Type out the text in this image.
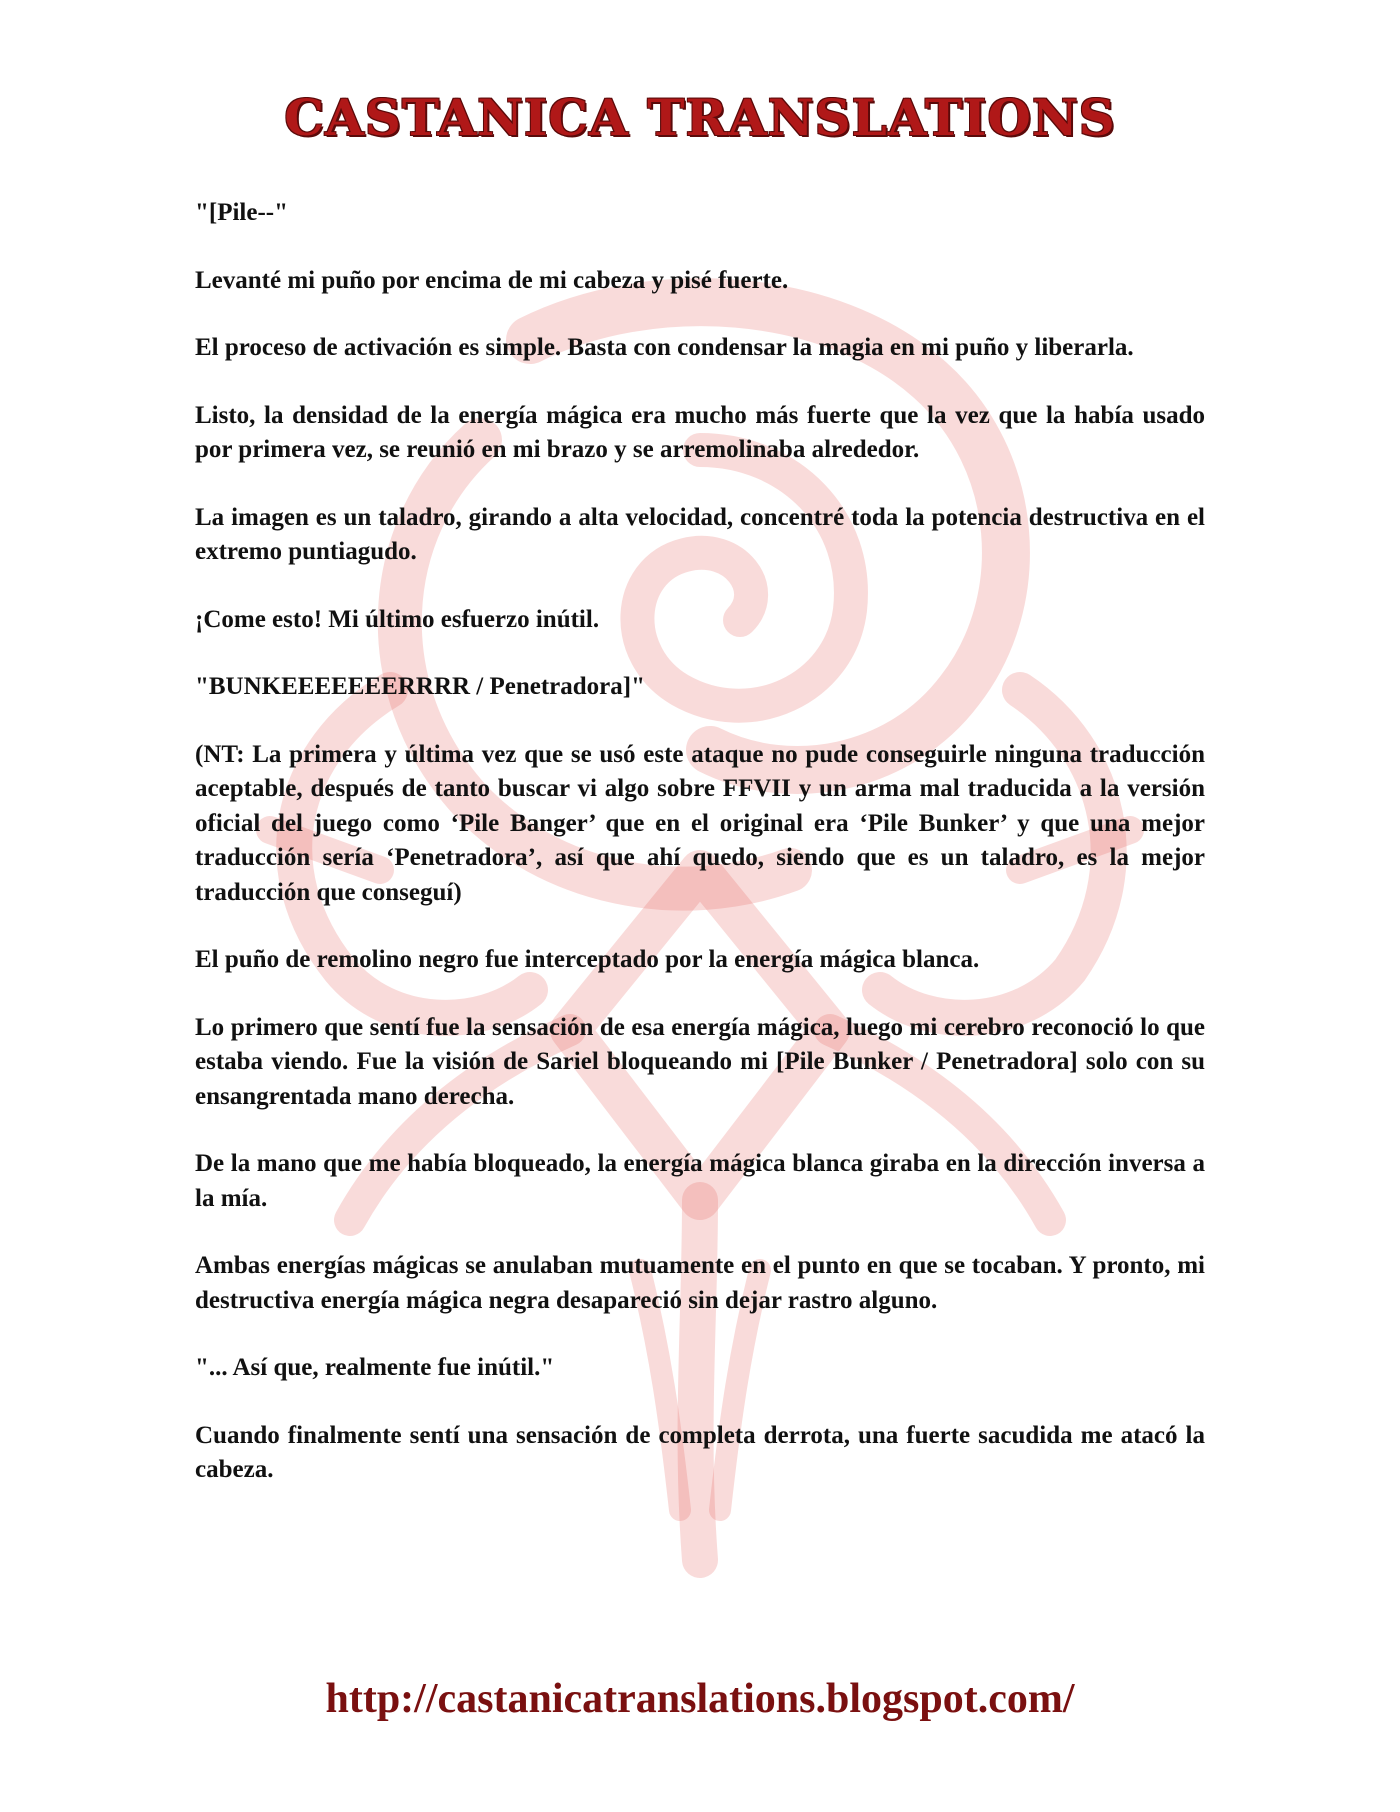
CASTANICA TRANSLATIONS

"[Pile--"

Levanté mi puño por encima de mi cabeza y pisé fuerte.

El proceso de activación es simple. Basta con condensar la magia en mi puño y liberarla.

Listo, la densidad de la energía mágica era mucho más fuerte que la vez que la había usado por primera vez, se reunió en mi brazo y se arremolinaba alrededor.

La imagen es un taladro, girando a alta velocidad, concentré toda la potencia destructiva en el extremo puntiagudo.

¡Come esto! Mi último esfuerzo inútil.

"BUNKEEEEEEERRRR / Penetradora]"

(NT: La primera y última vez que se usó este ataque no pude conseguirle ninguna traducción aceptable, después de tanto buscar vi algo sobre FFVII y un arma mal traducida a la versión oficial del juego como ‘Pile Banger’ que en el original era ‘Pile Bunker’ y que una mejor traducción sería ‘Penetradora’, así que ahí quedo, siendo que es un taladro, es la mejor traducción que conseguí)

El puño de remolino negro fue interceptado por la energía mágica blanca.

Lo primero que sentí fue la sensación de esa energía mágica, luego mi cerebro reconoció lo que estaba viendo. Fue la visión de Sariel bloqueando mi [Pile Bunker / Penetradora] solo con su ensangrentada mano derecha.

De la mano que me había bloqueado, la energía mágica blanca giraba en la dirección inversa a la mía.

Ambas energías mágicas se anulaban mutuamente en el punto en que se tocaban. Y pronto, mi destructiva energía mágica negra desapareció sin dejar rastro alguno.

"... Así que, realmente fue inútil."

Cuando finalmente sentí una sensación de completa derrota, una fuerte sacudida me atacó la cabeza.

http://castanicatranslations.blogspot.com/
